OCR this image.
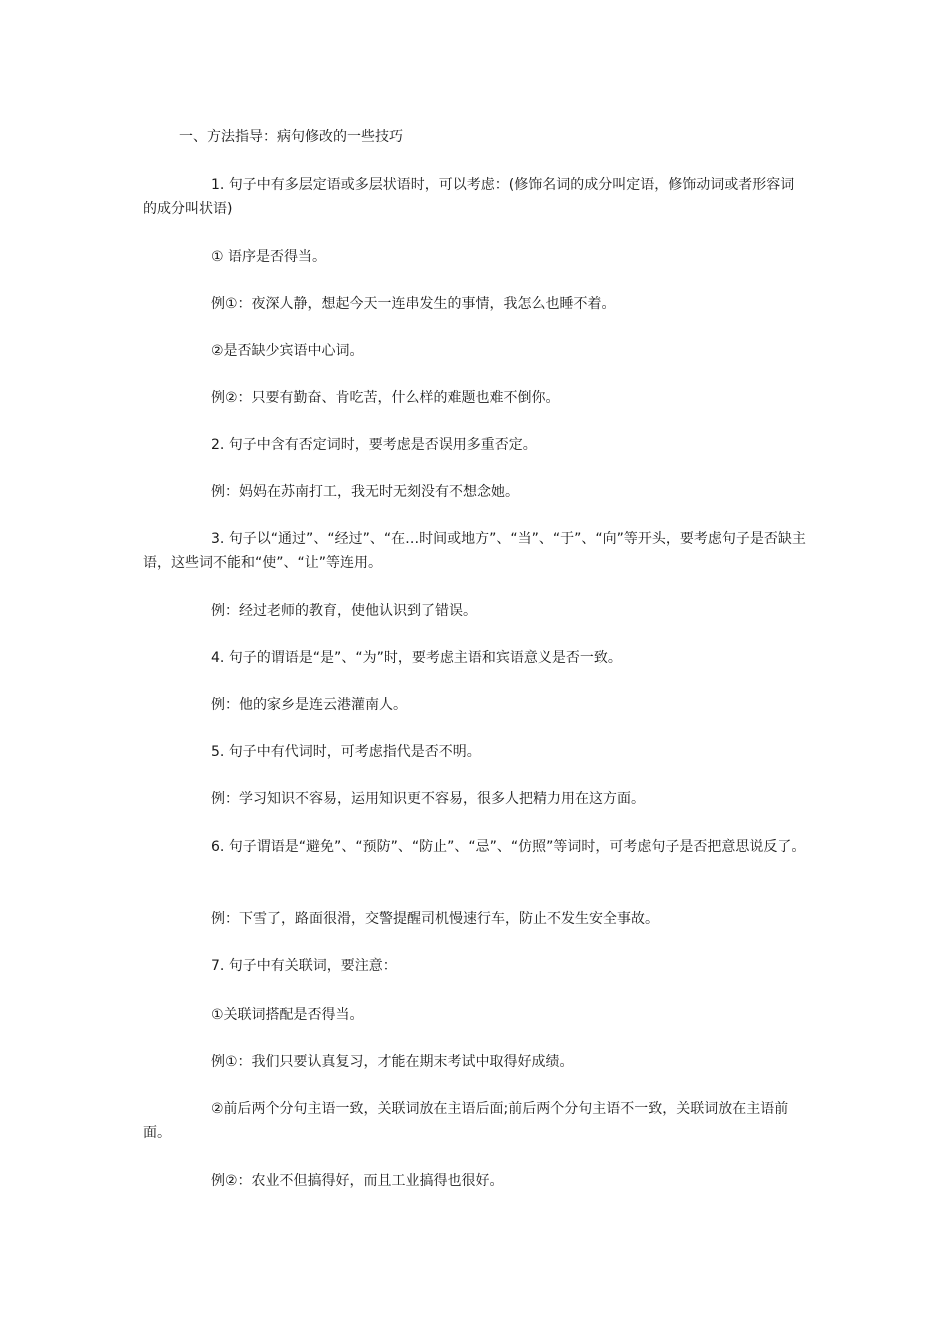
一、方法指导：病句修改的一些技巧
1. 句子中有多层定语或多层状语时，可以考虑：(修饰名词的成分叫定语，修饰动词或者形容词的成分叫状语)
① 语序是否得当。
例①：夜深人静，想起今天一连串发生的事情，我怎么也睡不着。
②是否缺少宾语中心词。
例②：只要有勤奋、肯吃苦，什么样的难题也难不倒你。
2. 句子中含有否定词时，要考虑是否误用多重否定。
例：妈妈在苏南打工，我无时无刻没有不想念她。
3. 句子以“通过”、“经过”、“在…时间或地方”、“当”、“于”、“向”等开头，要考虑句子是否缺主语，这些词不能和“使”、“让”等连用。
例：经过老师的教育，使他认识到了错误。
4. 句子的谓语是“是”、“为”时，要考虑主语和宾语意义是否一致。
例：他的家乡是连云港灌南人。
5. 句子中有代词时，可考虑指代是否不明。
例：学习知识不容易，运用知识更不容易，很多人把精力用在这方面。
6. 句子谓语是“避免”、“预防”、“防止”、“忌”、“仿照”等词时，可考虑句子是否把意思说反了。
例：下雪了，路面很滑，交警提醒司机慢速行车，防止不发生安全事故。
7. 句子中有关联词，要注意：
①关联词搭配是否得当。
例①：我们只要认真复习，才能在期末考试中取得好成绩。
②前后两个分句主语一致，关联词放在主语后面;前后两个分句主语不一致，关联词放在主语前面。
例②：农业不但搞得好，而且工业搞得也很好。
